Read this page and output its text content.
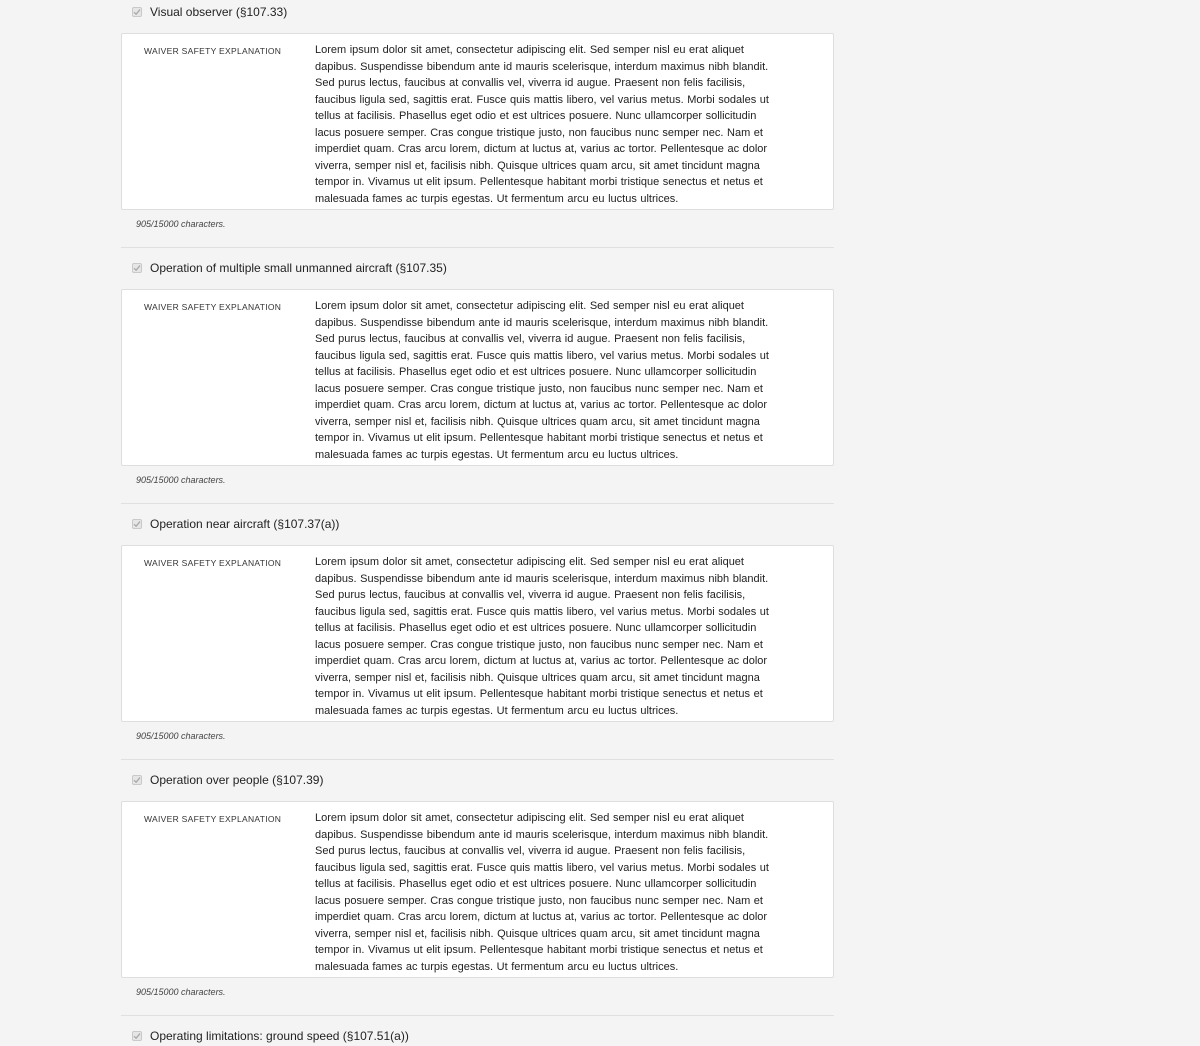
Visual observer (§107.33)
WAIVER SAFETY EXPLANATION	Lorem ipsum dolor sit amet, consectetur adipiscing elit. Sed semper nisl eu erat aliquet dapibus. Suspendisse bibendum ante id mauris scelerisque, interdum maximus nibh blandit. Sed purus lectus, faucibus at convallis vel, viverra id augue. Praesent non felis facilisis, faucibus ligula sed, sagittis erat. Fusce quis mattis libero, vel varius metus. Morbi sodales ut tellus at facilisis. Phasellus eget odio et est ultrices posuere. Nunc ullamcorper sollicitudin lacus posuere semper. Cras congue tristique justo, non faucibus nunc semper nec. Nam et imperdiet quam. Cras arcu lorem, dictum at luctus at, varius ac tortor. Pellentesque ac dolor viverra, semper nisl et, facilisis nibh. Quisque ultrices quam arcu, sit amet tincidunt magna tempor in. Vivamus ut elit ipsum. Pellentesque habitant morbi tristique senectus et netus et malesuada fames ac turpis egestas. Ut fermentum arcu eu luctus ultrices.
905/15000 characters.
Operation of multiple small unmanned aircraft (§107.35)
WAIVER SAFETY EXPLANATION	Lorem ipsum dolor sit amet, consectetur adipiscing elit. Sed semper nisl eu erat aliquet dapibus. Suspendisse bibendum ante id mauris scelerisque, interdum maximus nibh blandit. Sed purus lectus, faucibus at convallis vel, viverra id augue. Praesent non felis facilisis, faucibus ligula sed, sagittis erat. Fusce quis mattis libero, vel varius metus. Morbi sodales ut tellus at facilisis. Phasellus eget odio et est ultrices posuere. Nunc ullamcorper sollicitudin lacus posuere semper. Cras congue tristique justo, non faucibus nunc semper nec. Nam et imperdiet quam. Cras arcu lorem, dictum at luctus at, varius ac tortor. Pellentesque ac dolor viverra, semper nisl et, facilisis nibh. Quisque ultrices quam arcu, sit amet tincidunt magna tempor in. Vivamus ut elit ipsum. Pellentesque habitant morbi tristique senectus et netus et malesuada fames ac turpis egestas. Ut fermentum arcu eu luctus ultrices.
905/15000 characters.
Operation near aircraft (§107.37(a))
WAIVER SAFETY EXPLANATION	Lorem ipsum dolor sit amet, consectetur adipiscing elit. Sed semper nisl eu erat aliquet dapibus. Suspendisse bibendum ante id mauris scelerisque, interdum maximus nibh blandit. Sed purus lectus, faucibus at convallis vel, viverra id augue. Praesent non felis facilisis, faucibus ligula sed, sagittis erat. Fusce quis mattis libero, vel varius metus. Morbi sodales ut tellus at facilisis. Phasellus eget odio et est ultrices posuere. Nunc ullamcorper sollicitudin lacus posuere semper. Cras congue tristique justo, non faucibus nunc semper nec. Nam et imperdiet quam. Cras arcu lorem, dictum at luctus at, varius ac tortor. Pellentesque ac dolor viverra, semper nisl et, facilisis nibh. Quisque ultrices quam arcu, sit amet tincidunt magna tempor in. Vivamus ut elit ipsum. Pellentesque habitant morbi tristique senectus et netus et malesuada fames ac turpis egestas. Ut fermentum arcu eu luctus ultrices.
905/15000 characters.
Operation over people (§107.39)
WAIVER SAFETY EXPLANATION	Lorem ipsum dolor sit amet, consectetur adipiscing elit. Sed semper nisl eu erat aliquet dapibus. Suspendisse bibendum ante id mauris scelerisque, interdum maximus nibh blandit. Sed purus lectus, faucibus at convallis vel, viverra id augue. Praesent non felis facilisis, faucibus ligula sed, sagittis erat. Fusce quis mattis libero, vel varius metus. Morbi sodales ut tellus at facilisis. Phasellus eget odio et est ultrices posuere. Nunc ullamcorper sollicitudin lacus posuere semper. Cras congue tristique justo, non faucibus nunc semper nec. Nam et imperdiet quam. Cras arcu lorem, dictum at luctus at, varius ac tortor. Pellentesque ac dolor viverra, semper nisl et, facilisis nibh. Quisque ultrices quam arcu, sit amet tincidunt magna tempor in. Vivamus ut elit ipsum. Pellentesque habitant morbi tristique senectus et netus et malesuada fames ac turpis egestas. Ut fermentum arcu eu luctus ultrices.
905/15000 characters.
Operating limitations: ground speed (§107.51(a))
